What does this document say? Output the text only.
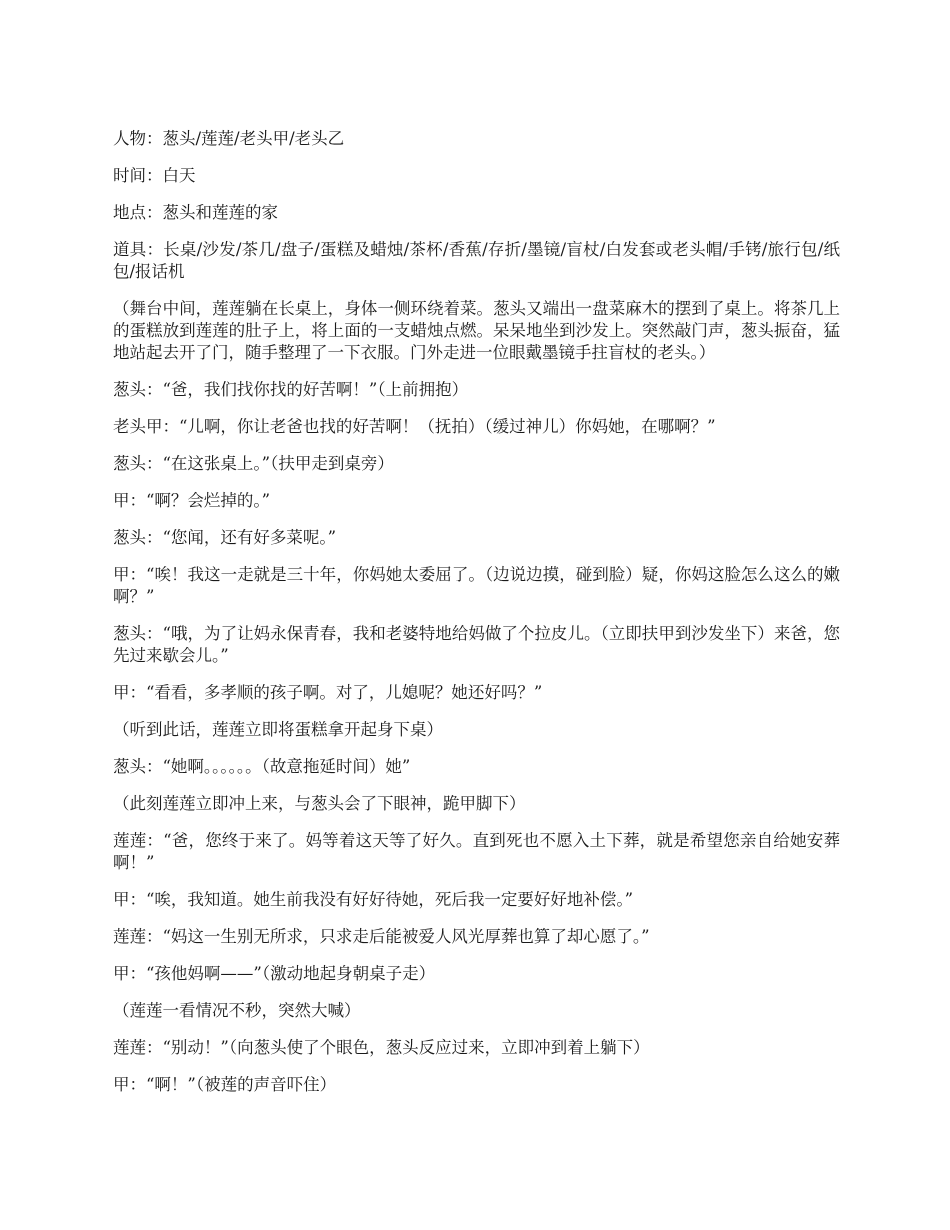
人物：葱头/莲莲/老头甲/老头乙

时间：白天

地点：葱头和莲莲的家

道具：长桌/沙发/茶几/盘子/蛋糕及蜡烛/茶杯/香蕉/存折/墨镜/盲杖/白发套或老头帽/手铐/旅行包/纸包/报话机

（舞台中间，莲莲躺在长桌上，身体一侧环绕着菜。葱头又端出一盘菜麻木的摆到了桌上。将茶几上的蛋糕放到莲莲的肚子上，将上面的一支蜡烛点燃。呆呆地坐到沙发上。突然敲门声，葱头振奋，猛地站起去开了门，随手整理了一下衣服。门外走进一位眼戴墨镜手拄盲杖的老头。）

葱头：“爸，我们找你找的好苦啊！”（上前拥抱）

老头甲：“儿啊，你让老爸也找的好苦啊！（抚拍）（缓过神儿）你妈她，在哪啊？”

葱头：“在这张桌上。”（扶甲走到桌旁）

甲：“啊？会烂掉的。”

葱头：“您闻，还有好多菜呢。”

甲：“唉！我这一走就是三十年，你妈她太委屈了。（边说边摸，碰到脸）疑，你妈这脸怎么这么的嫩啊？”

葱头：“哦，为了让妈永保青春，我和老婆特地给妈做了个拉皮儿。（立即扶甲到沙发坐下）来爸，您先过来歇会儿。”

甲：“看看，多孝顺的孩子啊。对了，儿媳呢？她还好吗？”

（听到此话，莲莲立即将蛋糕拿开起身下桌）

葱头：“她啊。。。。。。（故意拖延时间）她”

（此刻莲莲立即冲上来，与葱头会了下眼神，跪甲脚下）

莲莲：“爸，您终于来了。妈等着这天等了好久。直到死也不愿入土下葬，就是希望您亲自给她安葬啊！”

甲：“唉，我知道。她生前我没有好好待她，死后我一定要好好地补偿。”

莲莲：“妈这一生别无所求，只求走后能被爱人风光厚葬也算了却心愿了。”

甲：“孩他妈啊——”（激动地起身朝桌子走）

（莲莲一看情况不秒，突然大喊）

莲莲：“别动！”（向葱头使了个眼色，葱头反应过来，立即冲到着上躺下）

甲：“啊！”（被莲的声音吓住）
